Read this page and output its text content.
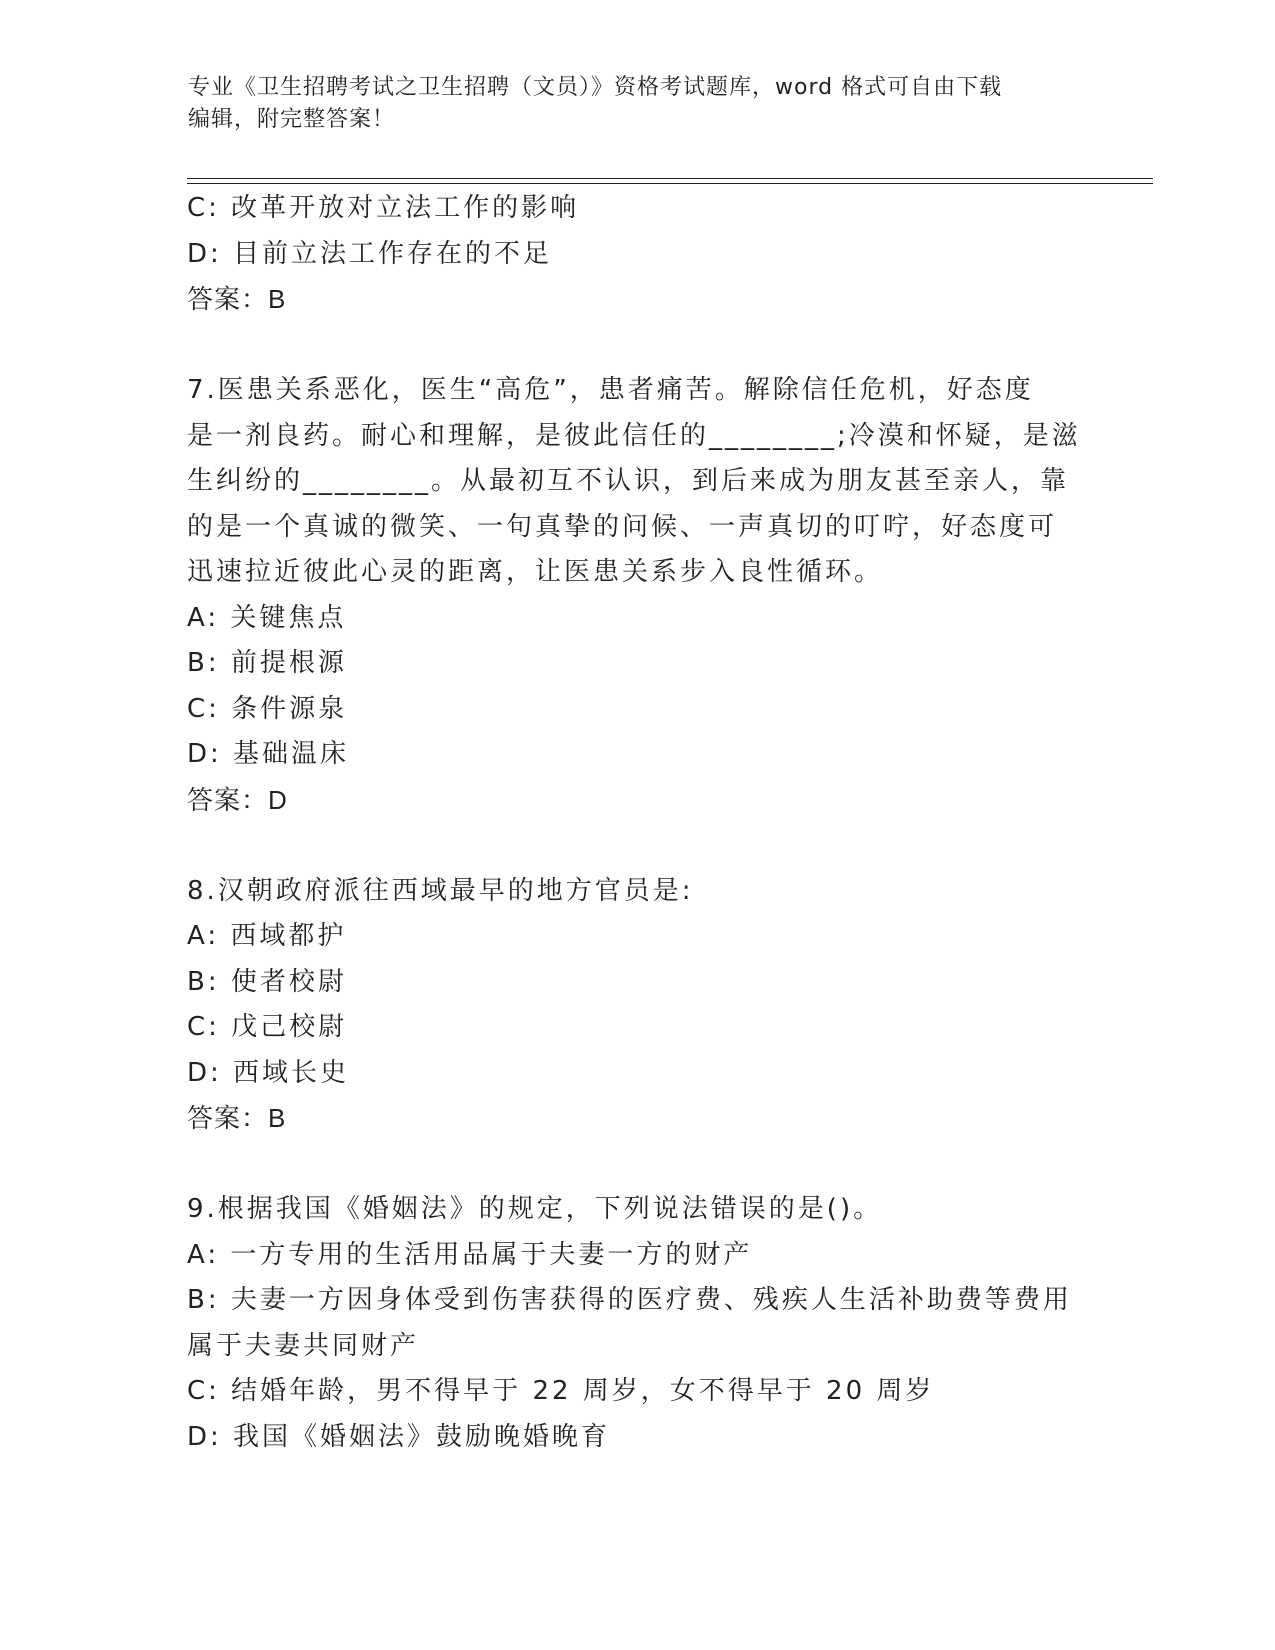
专业《卫生招聘考试之卫生招聘（文员）》资格考试题库，word 格式可自由下载
编辑，附完整答案！

C: 改革开放对立法工作的影响

D: 目前立法工作存在的不足

答案：B

7.医患关系恶化，医生“高危”，患者痛苦。解除信任危机，好态度

是一剂良药。耐心和理解，是彼此信任的________;冷漠和怀疑，是滋

生纠纷的________。从最初互不认识，到后来成为朋友甚至亲人，靠

的是一个真诚的微笑、一句真挚的问候、一声真切的叮咛，好态度可

迅速拉近彼此心灵的距离，让医患关系步入良性循环。

A: 关键焦点

B: 前提根源

C: 条件源泉

D: 基础温床

答案：D

8.汉朝政府派往西域最早的地方官员是:

A: 西域都护

B: 使者校尉

C: 戊己校尉

D: 西域长史

答案：B

9.根据我国《婚姻法》的规定，下列说法错误的是()。

A: 一方专用的生活用品属于夫妻一方的财产

B: 夫妻一方因身体受到伤害获得的医疗费、残疾人生活补助费等费用

属于夫妻共同财产

C: 结婚年龄，男不得早于 22 周岁，女不得早于 20 周岁

D: 我国《婚姻法》鼓励晚婚晚育
